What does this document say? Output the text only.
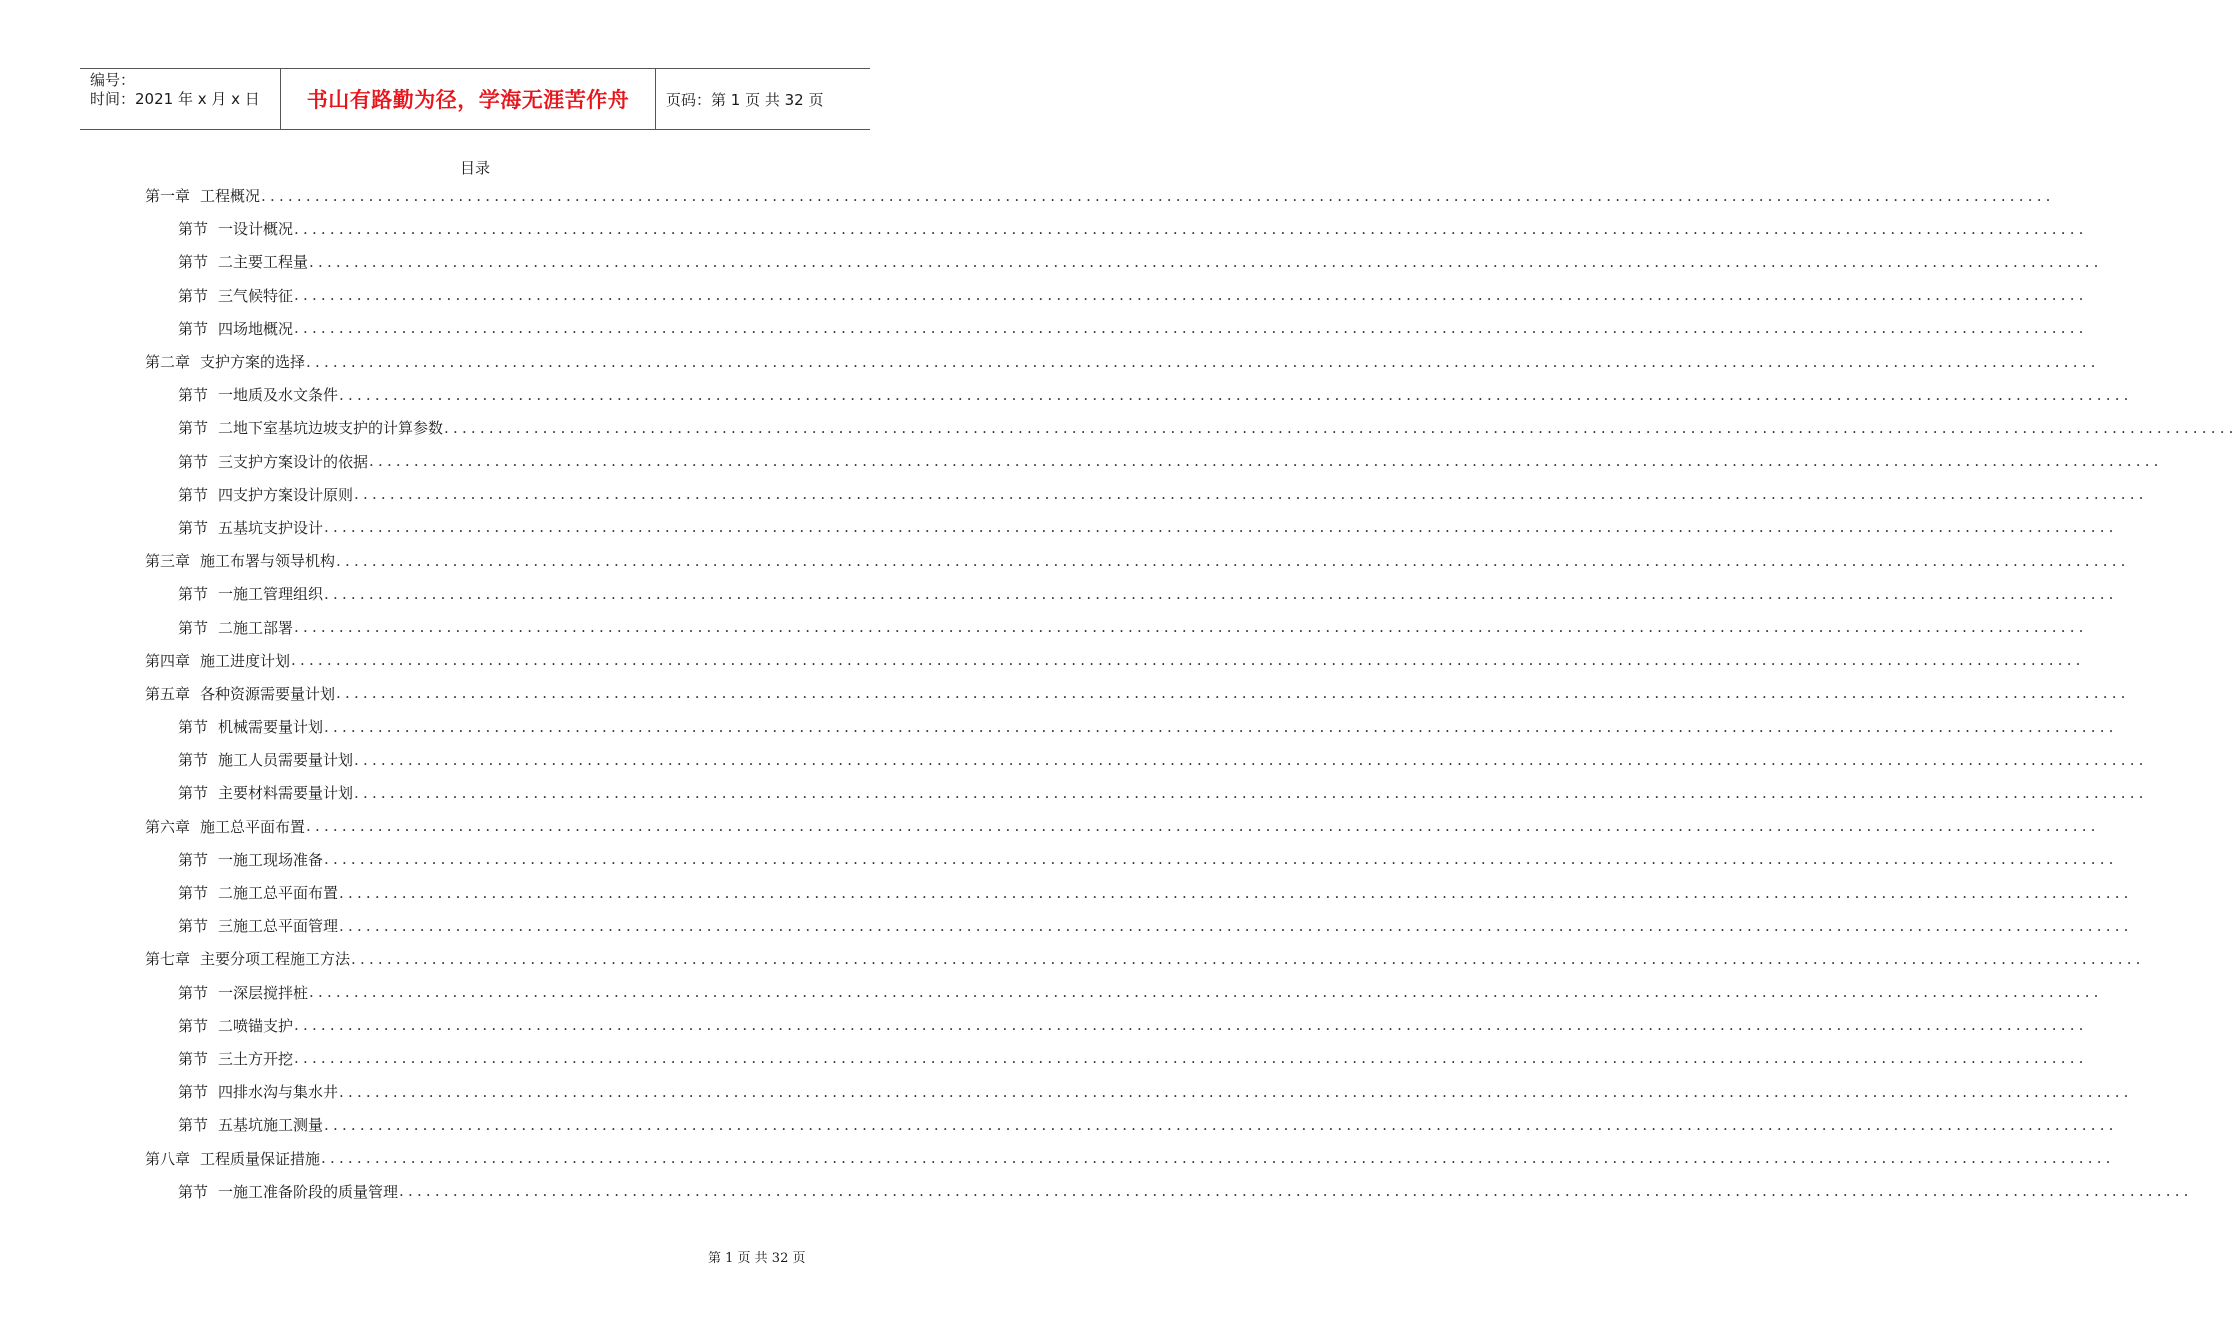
编号：
时间：2021 年 x 月 x 日	书山有路勤为径，学海无涯苦作舟	页码：第 1 页 共 32 页
目录
第一章 工程概况 ........................................................................................................................................................................................................
第节 一设计概况 ........................................................................................................................................................................................................
第节 二主要工程量 ........................................................................................................................................................................................................
第节 三气候特征 ........................................................................................................................................................................................................
第节 四场地概况 ........................................................................................................................................................................................................
第二章 支护方案的选择 ........................................................................................................................................................................................................
第节 一地质及水文条件 ........................................................................................................................................................................................................
第节 二地下室基坑边坡支护的计算参数 ........................................................................................................................................................................................................
第节 三支护方案设计的依据 ........................................................................................................................................................................................................
第节 四支护方案设计原则 ........................................................................................................................................................................................................
第节 五基坑支护设计 ........................................................................................................................................................................................................
第三章 施工布署与领导机构 ........................................................................................................................................................................................................
第节 一施工管理组织 ........................................................................................................................................................................................................
第节 二施工部署 ........................................................................................................................................................................................................
第四章 施工进度计划 ........................................................................................................................................................................................................
第五章 各种资源需要量计划 ........................................................................................................................................................................................................
第节 机械需要量计划 ........................................................................................................................................................................................................
第节 施工人员需要量计划 ........................................................................................................................................................................................................
第节 主要材料需要量计划 ........................................................................................................................................................................................................
第六章 施工总平面布置 ........................................................................................................................................................................................................
第节 一施工现场准备 ........................................................................................................................................................................................................
第节 二施工总平面布置 ........................................................................................................................................................................................................
第节 三施工总平面管理 ........................................................................................................................................................................................................
第七章 主要分项工程施工方法 ........................................................................................................................................................................................................
第节 一深层搅拌桩 ........................................................................................................................................................................................................
第节 二喷锚支护 ........................................................................................................................................................................................................
第节 三土方开挖 ........................................................................................................................................................................................................
第节 四排水沟与集水井 ........................................................................................................................................................................................................
第节 五基坑施工测量 ........................................................................................................................................................................................................
第八章 工程质量保证措施 ........................................................................................................................................................................................................
第节 一施工准备阶段的质量管理 ........................................................................................................................................................................................................
第 1 页 共 32 页
